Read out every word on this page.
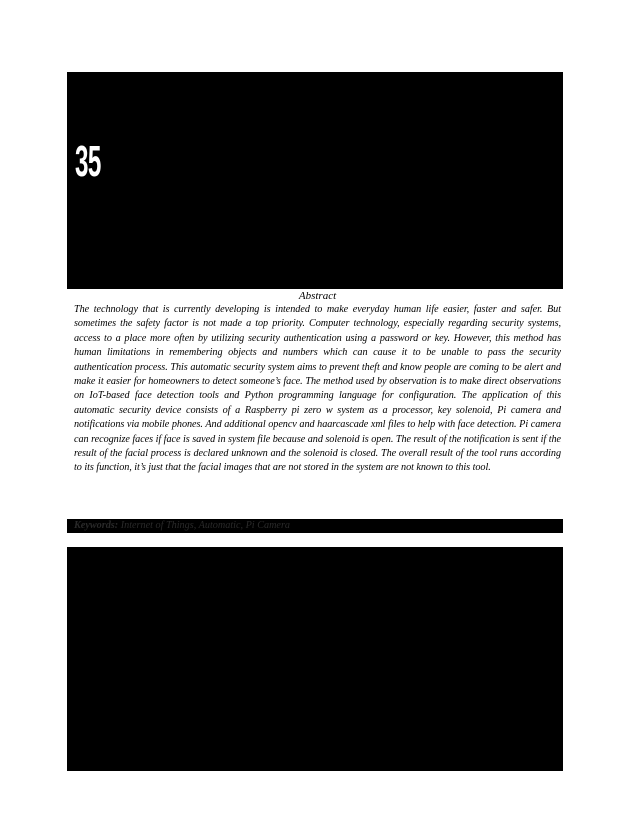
35

Abstract

The technology that is currently developing is intended to make everyday human life easier, faster and safer. But sometimes the safety factor is not made a top priority. Computer technology, especially regarding security systems, access to a place more often by utilizing security authentication using a password or key. However, this method has human limitations in remembering objects and numbers which can cause it to be unable to pass the security authentication process. This automatic security system aims to prevent theft and know people are coming to be alert and make it easier for homeowners to detect someone’s face. The method used by observation is to make direct observations on IoT-based face detection tools and Python programming language for configuration. The application of this automatic security device consists of a Raspberry pi zero w system as a processor, key solenoid, Pi camera and notifications via mobile phones. And additional opencv and haarcascade xml files to help with face detection. Pi camera can recognize faces if face is saved in system file because and solenoid is open. The result of the notification is sent if the result of the facial process is declared unknown and the solenoid is closed. The overall result of the tool runs according to its function, it’s just that the facial images that are not stored in the system are not known to this tool.

Keywords: Internet of Things, Automatic, Pi Camera
